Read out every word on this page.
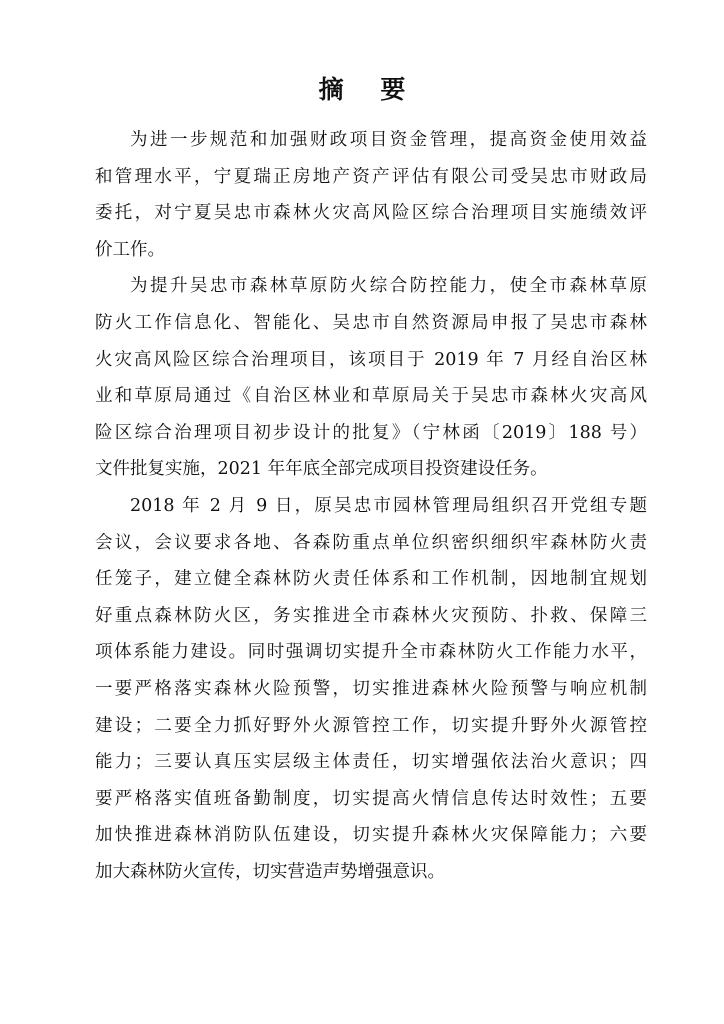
摘 要

为进一步规范和加强财政项目资金管理，提高资金使用效益
和管理水平，宁夏瑞正房地产资产评估有限公司受吴忠市财政局
委托，对宁夏吴忠市森林火灾高风险区综合治理项目实施绩效评
价工作。

为提升吴忠市森林草原防火综合防控能力，使全市森林草原
防火工作信息化、智能化、吴忠市自然资源局申报了吴忠市森林
火灾高风险区综合治理项目，该项目于 2019 年 7 月经自治区林
业和草原局通过《自治区林业和草原局关于吴忠市森林火灾高风
险区综合治理项目初步设计的批复》（宁林函〔2019〕188 号）
文件批复实施，2021 年年底全部完成项目投资建设任务。

2018 年 2 月 9 日，原吴忠市园林管理局组织召开党组专题
会议，会议要求各地、各森防重点单位织密织细织牢森林防火责
任笼子，建立健全森林防火责任体系和工作机制，因地制宜规划
好重点森林防火区，务实推进全市森林火灾预防、扑救、保障三
项体系能力建设。同时强调切实提升全市森林防火工作能力水平，
一要严格落实森林火险预警，切实推进森林火险预警与响应机制
建设；二要全力抓好野外火源管控工作，切实提升野外火源管控
能力；三要认真压实层级主体责任，切实增强依法治火意识；四
要严格落实值班备勤制度，切实提高火情信息传达时效性；五要
加快推进森林消防队伍建设，切实提升森林火灾保障能力；六要
加大森林防火宣传，切实营造声势增强意识。
